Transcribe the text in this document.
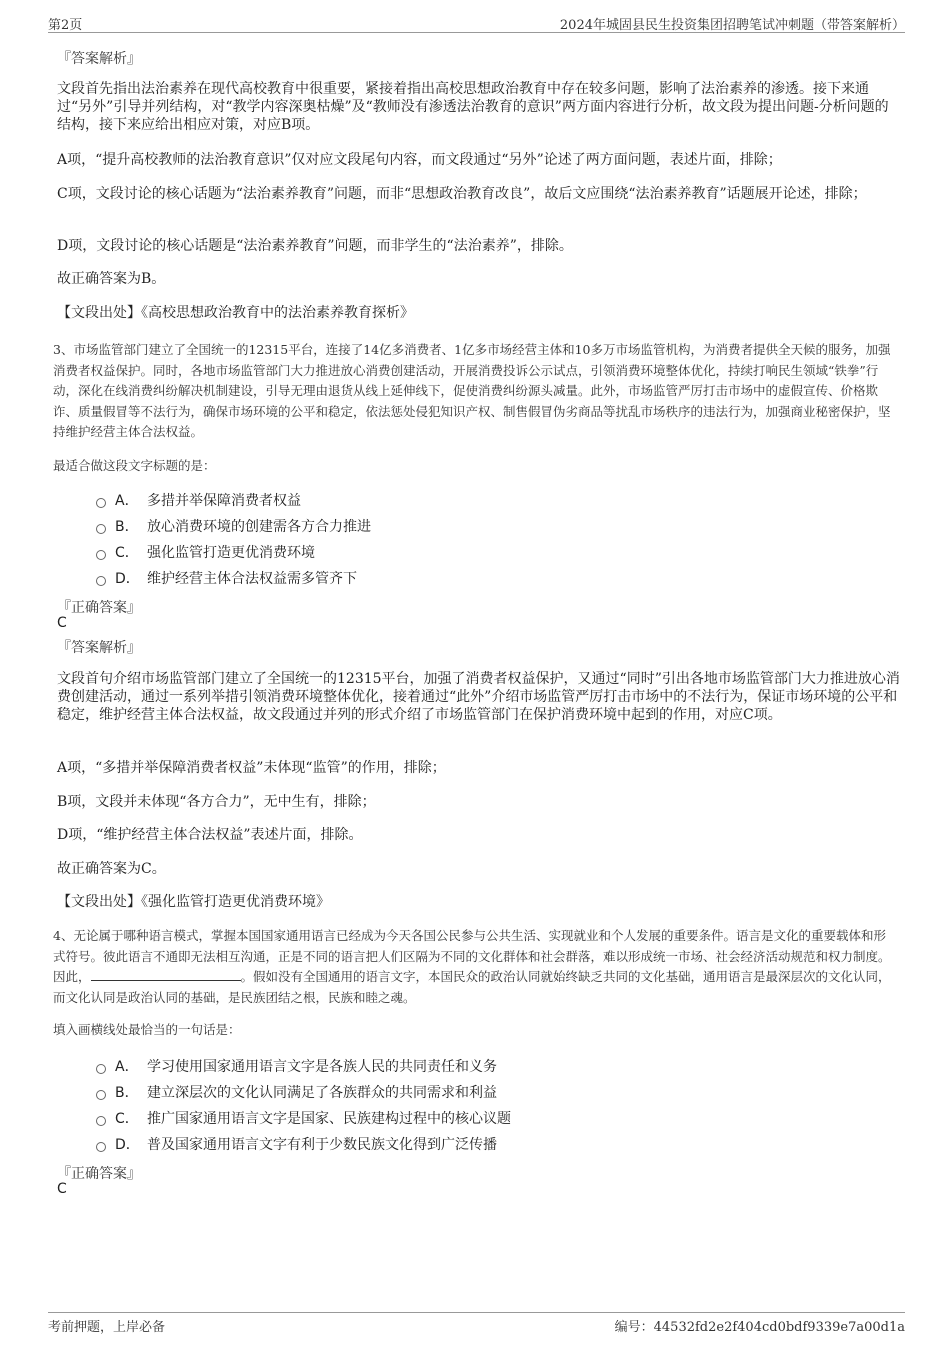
第2页	2024年城固县民生投资集团招聘笔试冲刺题（带答案解析）
『答案解析』
文段首先指出法治素养在现代高校教育中很重要，紧接着指出高校思想政治教育中存在较多问题，影响了法治素养的渗透。接下来通过“另外”引导并列结构，对“教学内容深奥枯燥”及“教师没有渗透法治教育的意识”两方面内容进行分析，故文段为提出问题-分析问题的结构，接下来应给出相应对策，对应B项。
A项，“提升高校教师的法治教育意识”仅对应文段尾句内容，而文段通过“另外”论述了两方面问题，表述片面，排除；
C项，文段讨论的核心话题为“法治素养教育”问题，而非“思想政治教育改良”，故后文应围绕“法治素养教育”话题展开论述，排除；
D项，文段讨论的核心话题是“法治素养教育”问题，而非学生的“法治素养”，排除。
故正确答案为B。
【文段出处】《高校思想政治教育中的法治素养教育探析》
3、市场监管部门建立了全国统一的12315平台，连接了14亿多消费者、1亿多市场经营主体和10多万市场监管机构，为消费者提供全天候的服务，加强消费者权益保护。同时，各地市场监管部门大力推进放心消费创建活动，开展消费投诉公示试点，引领消费环境整体优化，持续打响民生领域“铁拳”行动，深化在线消费纠纷解决机制建设，引导无理由退货从线上延伸线下，促使消费纠纷源头减量。此外，市场监管严厉打击市场中的虚假宣传、价格欺诈、质量假冒等不法行为，确保市场环境的公平和稳定，依法惩处侵犯知识产权、制售假冒伪劣商品等扰乱市场秩序的违法行为，加强商业秘密保护，坚持维护经营主体合法权益。
最适合做这段文字标题的是：
A． 多措并举保障消费者权益
B． 放心消费环境的创建需各方合力推进
C． 强化监管打造更优消费环境
D． 维护经营主体合法权益需多管齐下
『正确答案』
C
『答案解析』
文段首句介绍市场监管部门建立了全国统一的12315平台，加强了消费者权益保护，又通过“同时”引出各地市场监管部门大力推进放心消费创建活动，通过一系列举措引领消费环境整体优化，接着通过“此外”介绍市场监管严厉打击市场中的不法行为，保证市场环境的公平和稳定，维护经营主体合法权益，故文段通过并列的形式介绍了市场监管部门在保护消费环境中起到的作用，对应C项。
A项，“多措并举保障消费者权益”未体现“监管”的作用，排除；
B项，文段并未体现“各方合力”，无中生有，排除；
D项，“维护经营主体合法权益”表述片面，排除。
故正确答案为C。
【文段出处】《强化监管打造更优消费环境》
4、无论属于哪种语言模式，掌握本国国家通用语言已经成为今天各国公民参与公共生活、实现就业和个人发展的重要条件。语言是文化的重要载体和形式符号。彼此语言不通即无法相互沟通，正是不同的语言把人们区隔为不同的文化群体和社会群落，难以形成统一市场、社会经济活动规范和权力制度。因此，	。假如没有全国通用的语言文字，本国民众的政治认同就始终缺乏共同的文化基础，通用语言是最深层次的文化认同，而文化认同是政治认同的基础，是民族团结之根，民族和睦之魂。
填入画横线处最恰当的一句话是：
A． 学习使用国家通用语言文字是各族人民的共同责任和义务
B． 建立深层次的文化认同满足了各族群众的共同需求和利益
C． 推广国家通用语言文字是国家、民族建构过程中的核心议题
D． 普及国家通用语言文字有利于少数民族文化得到广泛传播
『正确答案』
C
考前押题，上岸必备	编号：44532fd2e2f404cd0bdf9339e7a00d1a
